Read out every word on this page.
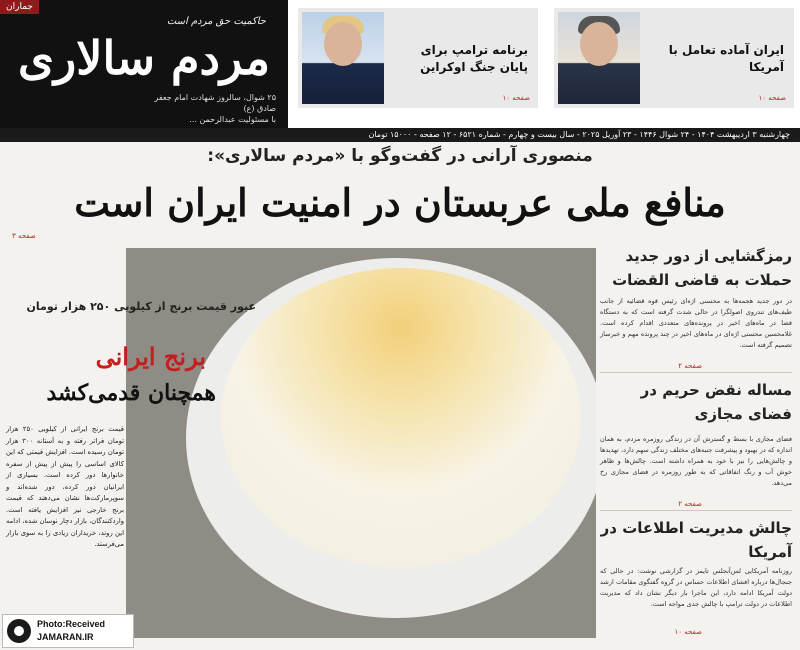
حاکمیت حق مردم است
مردم سالاری
۲۵ شوال، سالروز شهادت امام جعفر صادق (ع)
با مسئولیت عبدالرحمن ...
جماران
ایران آماده تعامل با آمریکا
صفحه ۱۰
برنامه ترامپ برای پایان جنگ اوکراین
صفحه ۱۰
چهارشنبه ۳ اردیبهشت ۱۴۰۴ - ۲۴ شوال ۱۴۴۶ - ۲۳ آوریل ۲۰۲۵ - سال بیست و چهارم - شماره ۶۵۲۱ - ۱۲ صفحه - ۱۵۰۰۰ تومان
منصوری آرانی در گفت‌وگو با «مردم سالاری»:
منافع ملی عربستان در امنیت ایران است
صفحه ۳
عبور قیمت برنج از کیلویی ۲۵۰ هزار تومان
برنج ایرانی
همچنان قدمی‌کشد
قیمت برنج ایرانی از کیلویی ۲۵۰ هزار تومان فراتر رفته و به آستانه ۳۰۰ هزار تومان رسیده است. افزایش قیمتی که این کالای اساسی را پیش از پیش از سفره خانوارها دور کرده است. بسیاری از ایرانیان دور کرده، دور شده‌اند و سوپرمارکت‌ها نشان می‌دهند که قیمت برنج خارجی نیز افزایش یافته است. واردکنندگان، بازار دچار نوسان شده، ادامه این روند، خریداران زیادی را به سوی بازار می‌فرستد.
رمزگشایی از دور جدید حملات به قاضی القضات
در دور جدید هجمه‌ها به محسنی اژه‌ای رئیس قوه قضائیه از جانب طیف‌های تندروی اصولگرا در حالی شدت گرفته است که به دستگاه قضا در ماه‌های اخیر در پرونده‌های متعددی اقدام کرده است. غلامحسین محسنی اژه‌ای در ماه‌های اخیر در چند پرونده مهم و خبرساز تصمیم گرفته است.
صفحه ۲
مساله نقض حریم در فضای مجازی
فضای مجازی با بسط و گسترش آن در زندگی روزمره مردم، به همان اندازه که در بهبود و پیشرفت جنبه‌های مختلف زندگی سهم دارد، تهدیدها و چالش‌هایی را نیز با خود به همراه داشته است. چالش‌ها و ظاهر خوش آب و رنگ اتفاقاتی که به طور روزمره در فضای مجازی رخ می‌دهد.
صفحه ۲
چالش مدیریت اطلاعات در آمریکا
روزنامه آمریکایی لس‌آنجلس تایمز در گزارشی نوشت: در حالی که جنجال‌ها درباره افشای اطلاعات حساس در گروه گفتگوی مقامات ارشد دولت آمریکا ادامه دارد، این ماجرا بار دیگر نشان داد که مدیریت اطلاعات در دولت ترامپ با چالش جدی مواجه است.
صفحه ۱۰
Photo:Received
JAMARAN.IR
